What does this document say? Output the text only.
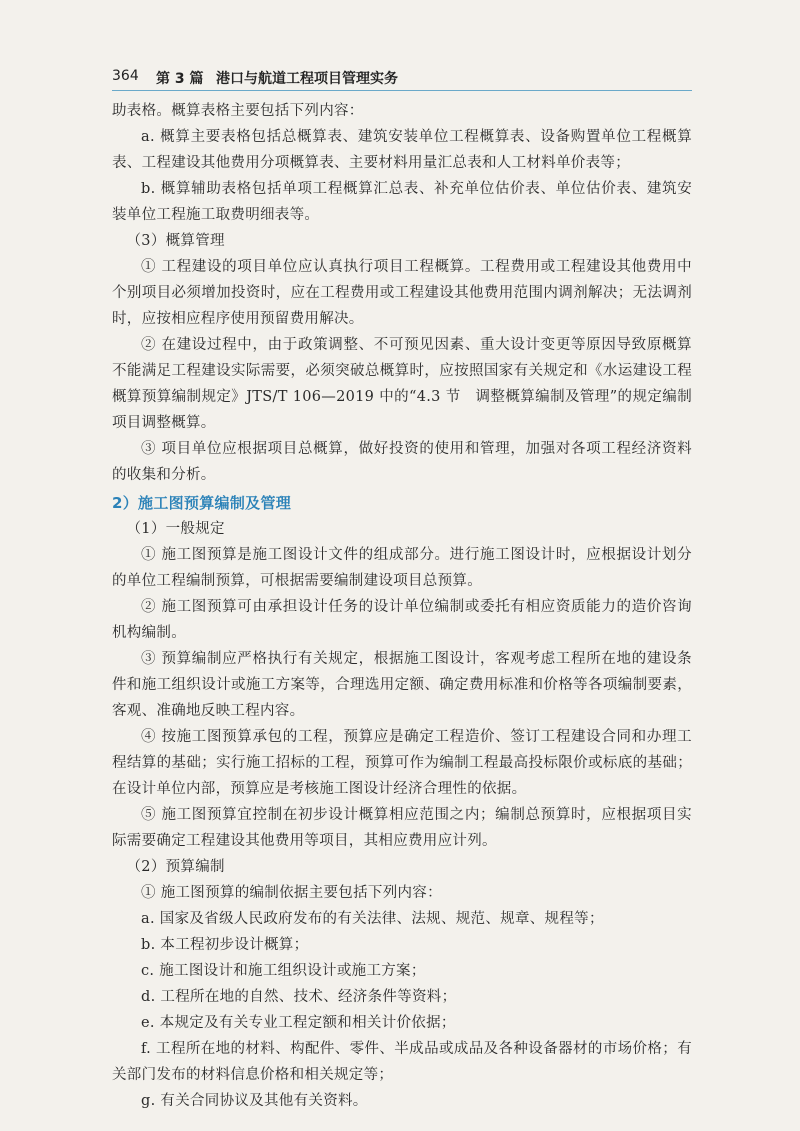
364 第 3 篇 港口与航道工程项目管理实务

助表格。概算表格主要包括下列内容：

a. 概算主要表格包括总概算表、建筑安装单位工程概算表、设备购置单位工程概算表、工程建设其他费用分项概算表、主要材料用量汇总表和人工材料单价表等；

b. 概算辅助表格包括单项工程概算汇总表、补充单位估价表、单位估价表、建筑安装单位工程施工取费明细表等。

（3）概算管理

① 工程建设的项目单位应认真执行项目工程概算。工程费用或工程建设其他费用中个别项目必须增加投资时，应在工程费用或工程建设其他费用范围内调剂解决；无法调剂时，应按相应程序使用预留费用解决。

② 在建设过程中，由于政策调整、不可预见因素、重大设计变更等原因导致原概算不能满足工程建设实际需要，必须突破总概算时，应按照国家有关规定和《水运建设工程概算预算编制规定》JTS/T 106—2019 中的“4.3 节　调整概算编制及管理”的规定编制项目调整概算。

③ 项目单位应根据项目总概算，做好投资的使用和管理，加强对各项工程经济资料的收集和分析。

2）施工图预算编制及管理

（1）一般规定

① 施工图预算是施工图设计文件的组成部分。进行施工图设计时，应根据设计划分的单位工程编制预算，可根据需要编制建设项目总预算。

② 施工图预算可由承担设计任务的设计单位编制或委托有相应资质能力的造价咨询机构编制。

③ 预算编制应严格执行有关规定，根据施工图设计，客观考虑工程所在地的建设条件和施工组织设计或施工方案等，合理选用定额、确定费用标准和价格等各项编制要素，客观、准确地反映工程内容。

④ 按施工图预算承包的工程，预算应是确定工程造价、签订工程建设合同和办理工程结算的基础；实行施工招标的工程，预算可作为编制工程最高投标限价或标底的基础；在设计单位内部，预算应是考核施工图设计经济合理性的依据。

⑤ 施工图预算宜控制在初步设计概算相应范围之内；编制总预算时，应根据项目实际需要确定工程建设其他费用等项目，其相应费用应计列。

（2）预算编制

① 施工图预算的编制依据主要包括下列内容：

a. 国家及省级人民政府发布的有关法律、法规、规范、规章、规程等；

b. 本工程初步设计概算；

c. 施工图设计和施工组织设计或施工方案；

d. 工程所在地的自然、技术、经济条件等资料；

e. 本规定及有关专业工程定额和相关计价依据；

f. 工程所在地的材料、构配件、零件、半成品或成品及各种设备器材的市场价格；有关部门发布的材料信息价格和相关规定等；

g. 有关合同协议及其他有关资料。
